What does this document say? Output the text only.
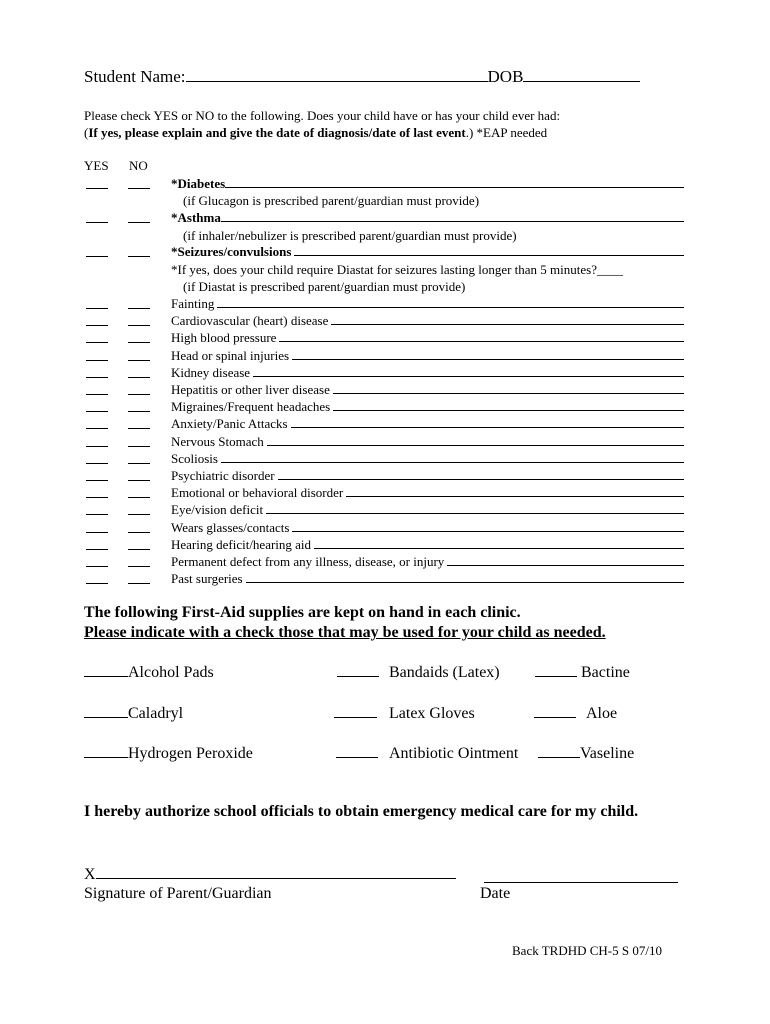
Student Name:	DOB
Please check YES or NO to the following. Does your child have or has your child ever had:
(If yes, please explain and give the date of diagnosis/date of last event.) *EAP needed
YES NO
*Diabetes
(if Glucagon is prescribed parent/guardian must provide)
*Asthma
(if inhaler/nebulizer is prescribed parent/guardian must provide)
*Seizures/convulsions
*If yes, does your child require Diastat for seizures lasting longer than 5 minutes?____
(if Diastat is prescribed parent/guardian must provide)
Fainting
Cardiovascular (heart) disease
High blood pressure
Head or spinal injuries
Kidney disease
Hepatitis or other liver disease
Migraines/Frequent headaches
Anxiety/Panic Attacks
Nervous Stomach
Scoliosis
Psychiatric disorder
Emotional or behavioral disorder
Eye/vision deficit
Wears glasses/contacts
Hearing deficit/hearing aid
Permanent defect from any illness, disease, or injury
Past surgeries
The following First-Aid supplies are kept on hand in each clinic.
Please indicate with a check those that may be used for your child as needed.
Alcohol Pads	Bandaids (Latex)	Bactine
Caladryl	Latex Gloves	Aloe
Hydrogen Peroxide	Antibiotic Ointment	Vaseline
I hereby authorize school officials to obtain emergency medical care for my child.
X
Signature of Parent/Guardian	Date
Back TRDHD CH-5 S 07/10
